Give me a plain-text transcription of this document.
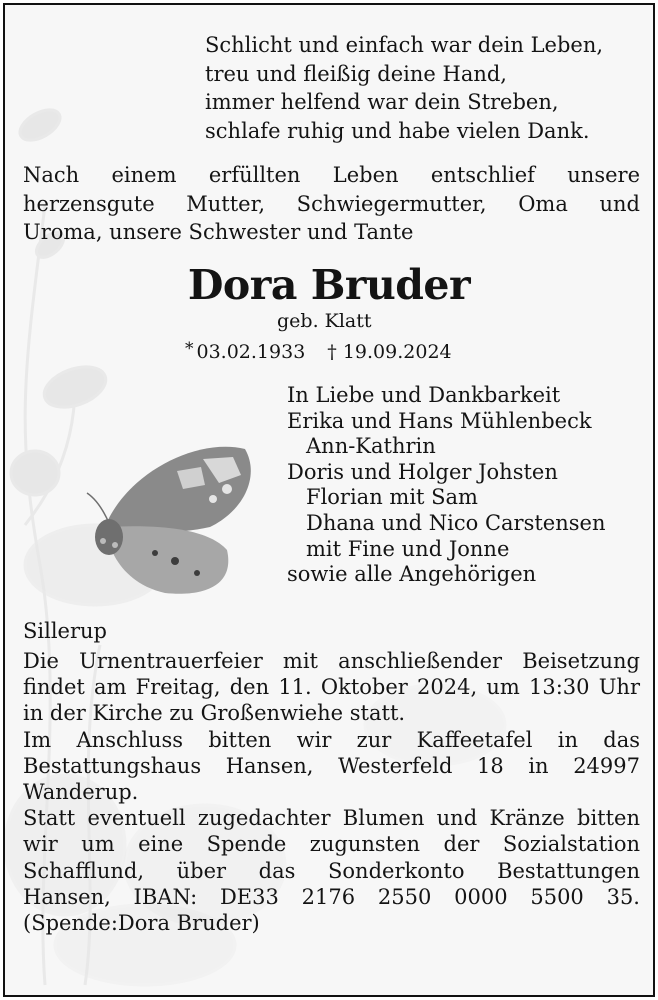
Schlicht und einfach war dein Leben,
treu und fleißig deine Hand,
immer helfend war dein Streben,
schlafe ruhig und habe vielen Dank.
Nach einem erfüllten Leben entschlief unsere
herzensgute Mutter, Schwiegermutter, Oma und
Uroma, unsere Schwester und Tante
Dora Bruder
geb. Klatt
* 03.02.1933 † 19.09.2024
In Liebe und Dankbarkeit
Erika und Hans Mühlenbeck
Ann-Kathrin
Doris und Holger Johsten
Florian mit Sam
Dhana und Nico Carstensen
mit Fine und Jonne
sowie alle Angehörigen
Sillerup
Die Urnentrauerfeier mit anschließender Beisetzung
findet am Freitag, den 11. Oktober 2024, um 13:30 Uhr
in der Kirche zu Großenwiehe statt.
Im Anschluss bitten wir zur Kaffeetafel in das
Bestattungshaus Hansen, Westerfeld 18 in 24997
Wanderup.
Statt eventuell zugedachter Blumen und Kränze bitten
wir um eine Spende zugunsten der Sozialstation
Schafflund, über das Sonderkonto Bestattungen
Hansen, IBAN: DE33 2176 2550 0000 5500 35.
(Spende:Dora Bruder)
